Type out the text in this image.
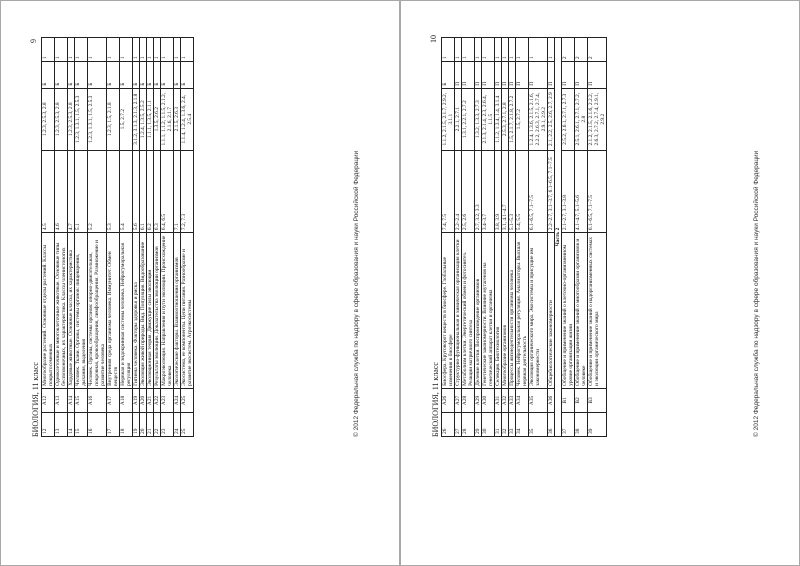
БИОЛОГИЯ, 11 класс
9
12	A12	Многообразие растений. Основные отделы растений. Классы покрытосеменных	4.5	1.2.3, 2.5.3, 2.8	Б	1
13	A13	Одноклеточные и многоклеточные животные. Основные типы беспозвоночных, их характеристика. Классы членистоногих	4.6	1.2.3, 2.5.3, 2.8	Б	1
14	A14	Хордовые животные. Основные классы, их характеристика	4.7	1.2.3, 2.5.3, 2.8	Б	1
15	A15	Человек. Ткани. Органы, системы органов: пищеварения, дыхания, выделения	5.1	1.2.3, 1.3.1, 1.5, 2.5.3	Б	1
16	A16	Человек. Органы, системы органов: опорно-двигательная, покровная, кровообращения, лимфообращения. Размножение и развитие человека	5.2	1.2.3, 1.3.1, 1.5, 2.5.3	Б	1
17	A17	Внутренняя среда организма человека. Иммунитет. Обмен веществ	5.3	1.2.3, 1.5, 2.1.8	Б	1
18	A18	Нервная и эндокринная системы человека. Нейрогуморальная регуляция	5.4	1.5, 2.7.2	Б	1
19	A19	Гигиена человека. Факторы здоровья и риска	5.6	3.1.2, 3.1.3, 2.1.3, 2.1.8	Б	1
20	A20	Эволюция живой природы. Вид. Популяция. Видообразование	6.1	1.2.4, 1.3.5, 2.5.2	Б	1
21	A21	Эволюционная теория. Движущие силы эволюции	6.2	1.1.1, 1.3.5, 2.1.1	Б	1
22	A22	Результаты эволюции. Доказательства эволюции организмов	6.3	1.3.5, 2.6.2	Б	1
23	A23	Макроэволюция. Направления и пути эволюции. Происхождение человека	6.4, 6.5	1.1.1, 1.1.2, 1.1.5, 2.1.2, 2.1.6, 2.1.7	Б	1
24	A24	Экологические факторы. Взаимоотношения организмов	7.1	2.1.5, 2.6.3	Б	1
25	A25	Экосистема, ее компоненты. Цепи питания. Разнообразие и развитие экосистем. Агроэкосистемы	7.2, 7.3	1.1.4, 1.2.4, 1.3.6, 2.4, 2.5.4	Б	1
© 2012 Федеральная служба по надзору в сфере образования и науки Российской Федерации	БИОЛОГИЯ, 11 класс
10
26	A26	Биосфера. Круговорот веществ в биосфере. Глобальные изменения в биосфере	7.4, 7.5	1.1.2, 2.1.5, 2.1.7, 2.9.2, 3.1.1	Б	1
27	A27	Структурно-функциональная и химическая организация клетки	2.2–2.4	2.2.1, 2.7.1	П	1
28	A28	Метаболизм клетки. Энергетический обмен и фотосинтез. Реакции матричного синтеза	2.5, 2.6	1.3.1, 2.2.1, 2.7.2	П	1
29	A29	Деление клетки. Воспроизведение организмов	2.7, 3.2, 3.3	1.3.2, 1.3.3, 2.7.3	П	1
30	A30	Генетические закономерности. Влияние мутагенов на генетический аппарат клетки и организма	3.4–3.7	2.1.3, 2.1.4, 2.3, 2.6.4, 1.1.5	П	1
31	A31	Селекция. Биотехнология	3.8, 3.9	1.1.2, 1.3.4, 1.4, 3.1.4	П	1
32	A32	Многообразие организмов	3.1, 4.1–4.7	2.5.3, 2.7.1, 2.8	П	1
33	A33	Процессы жизнедеятельности организма человека	5.1–5.3	1.5, 2.1.7, 2.1.8, 2.7.2	П	1
34	A34	Человек. Нейрогуморальная регуляция. Анализаторы. Высшая нервная деятельность	5.4, 5.5	1.5, 2.7.2	П	1
35	A35	Эволюция органического мира. Экосистемы и присущие им закономерности	6.1–6.5, 7.1–7.5	1.2.4, 1.3.6, 2.1.5, 2.1.6, 2.2.2, 2.6.3, 2.7.1, 2.7.4, 2.9.1, 2.9.2	П	1
36	A36	Общебиологические закономерности	2.2–2.7, 3.1–3.7, 6.1–6.5, 7.1–7.5	2.1, 2.2, 2.5, 2.6, 2.7, 2.9	П	1
Часть 2						
37	B1	Обобщение и применение знаний о клеточно-организменном уровне организации жизни	2.1–2.7, 3.1–3.8	2.5.2, 2.6.1, 2.7.1, 2.7.3	П	2
38	B2	Обобщение и применение знаний о многообразии организмов и человеке	4.1–4.7, 5.1–5.6	2.5.1, 2.6.1, 2.7.1, 2.7.2, 2.8	П	2
39	B3	Обобщение и применение знаний о надорганизменных системах и эволюции органического мира	6.1–6.5, 7.1–7.5	2.1.2, 2.1.5, 2.1.6, 2.2.2, 2.6.3, 2.7.2, 2.7.4, 2.9.1, 2.9.2	П	2
© 2012 Федеральная служба по надзору в сфере образования и науки Российской Федерации
